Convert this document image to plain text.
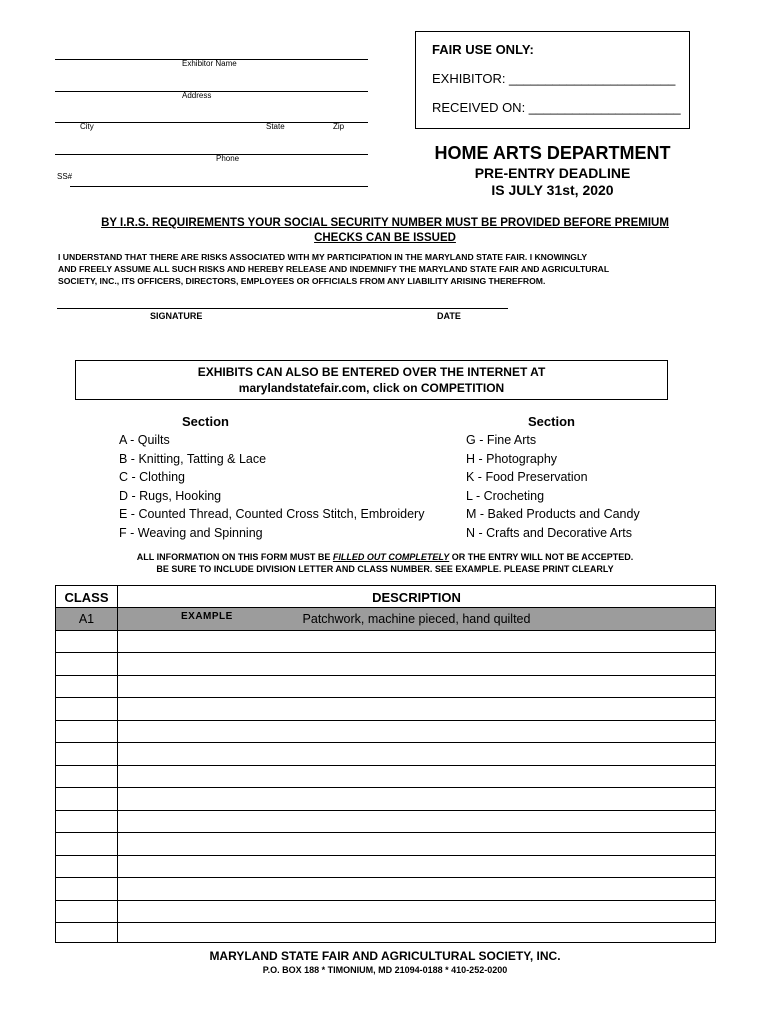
Exhibitor Name
Address
City	State	Zip
Phone
SS#
FAIR USE ONLY:
EXHIBITOR: _______________________
RECEIVED ON: _____________________
HOME ARTS DEPARTMENT
PRE-ENTRY DEADLINE
IS JULY 31st, 2020
BY I.R.S. REQUIREMENTS YOUR SOCIAL SECURITY NUMBER MUST BE PROVIDED BEFORE PREMIUM
CHECKS CAN BE ISSUED
I UNDERSTAND THAT THERE ARE RISKS ASSOCIATED WITH MY PARTICIPATION IN THE MARYLAND STATE FAIR. I KNOWINGLY
AND FREELY ASSUME ALL SUCH RISKS AND HEREBY RELEASE AND INDEMNIFY THE MARYLAND STATE FAIR AND AGRICULTURAL
SOCIETY, INC., ITS OFFICERS, DIRECTORS, EMPLOYEES OR OFFICIALS FROM ANY LIABILITY ARISING THEREFROM.
SIGNATURE	DATE
EXHIBITS CAN ALSO BE ENTERED OVER THE INTERNET AT
marylandstatefair.com, click on COMPETITION
Section	Section
A - Quilts
B - Knitting, Tatting & Lace
C - Clothing
D - Rugs, Hooking
E - Counted Thread, Counted Cross Stitch, Embroidery
F - Weaving and Spinning
G - Fine Arts
H - Photography
K - Food Preservation
L - Crocheting
M - Baked Products and Candy
N - Crafts and Decorative Arts
ALL INFORMATION ON THIS FORM MUST BE FILLED OUT COMPLETELY OR THE ENTRY WILL NOT BE ACCEPTED.
BE SURE TO INCLUDE DIVISION LETTER AND CLASS NUMBER. SEE EXAMPLE. PLEASE PRINT CLEARLY
CLASS	DESCRIPTION
A1	EXAMPLE	Patchwork, machine pieced, hand quilted
MARYLAND STATE FAIR AND AGRICULTURAL SOCIETY, INC.
P.O. BOX 188 * TIMONIUM, MD 21094-0188 * 410-252-0200
